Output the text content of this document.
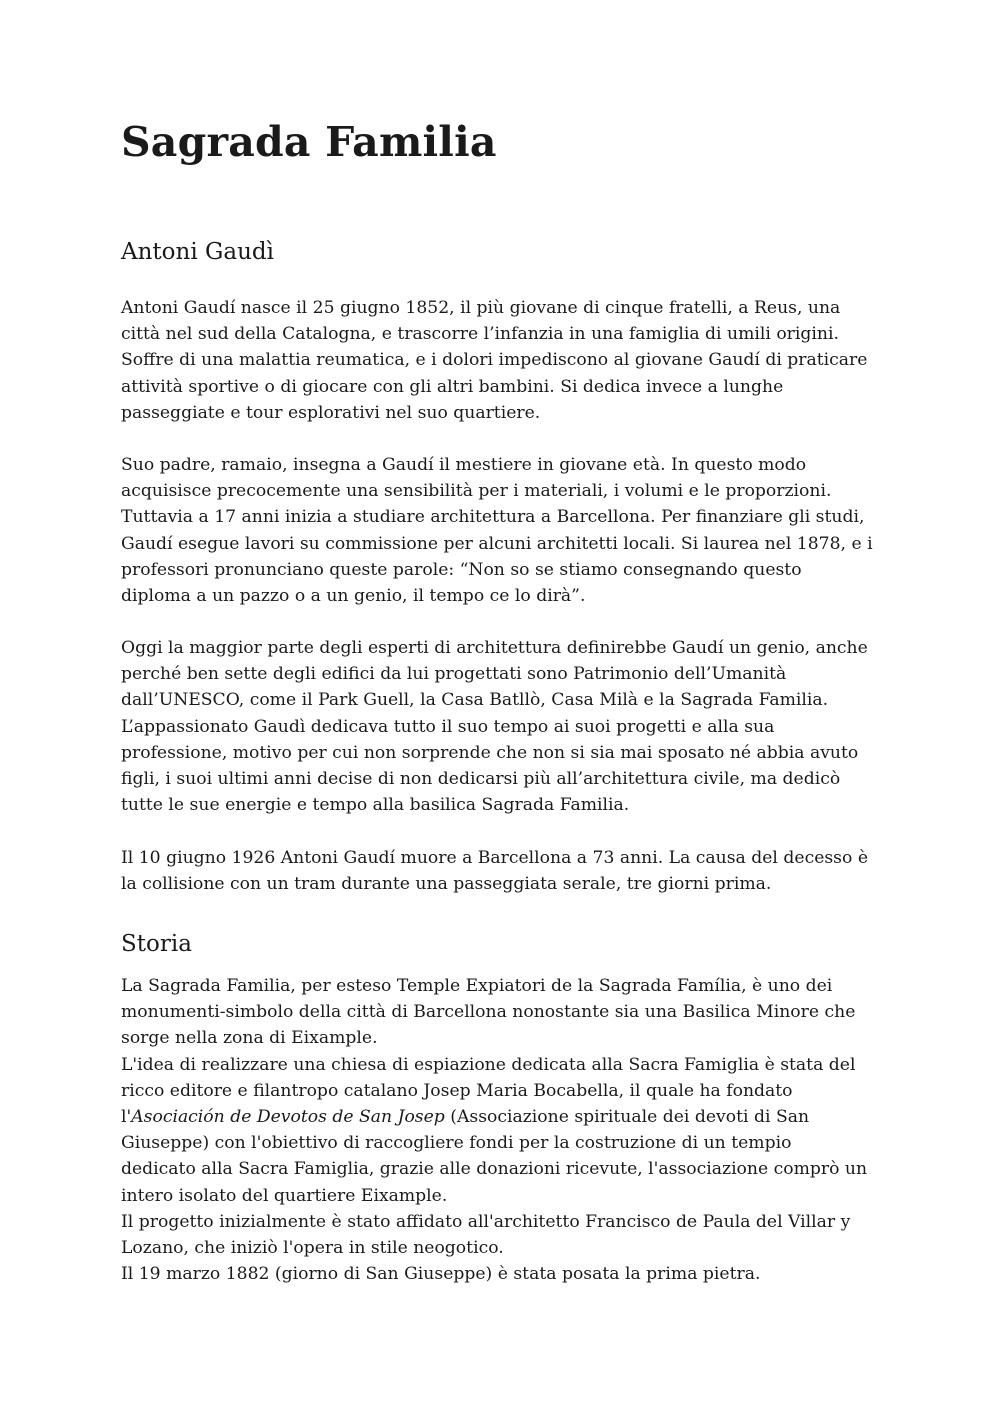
Sagrada Familia
Antoni Gaudì

Antoni Gaudí nasce il 25 giugno 1852, il più giovane di cinque fratelli, a Reus, una
città nel sud della Catalogna, e trascorre l’infanzia in una famiglia di umili origini.
Soffre di una malattia reumatica, e i dolori impediscono al giovane Gaudí di praticare
attività sportive o di giocare con gli altri bambini. Si dedica invece a lunghe
passeggiate e tour esplorativi nel suo quartiere.

Suo padre, ramaio, insegna a Gaudí il mestiere in giovane età. In questo modo
acquisisce precocemente una sensibilità per i materiali, i volumi e le proporzioni.
Tuttavia a 17 anni inizia a studiare architettura a Barcellona. Per finanziare gli studi,
Gaudí esegue lavori su commissione per alcuni architetti locali. Si laurea nel 1878, e i
professori pronunciano queste parole: “Non so se stiamo consegnando questo
diploma a un pazzo o a un genio, il tempo ce lo dirà”.

Oggi la maggior parte degli esperti di architettura definirebbe Gaudí un genio, anche
perché ben sette degli edifici da lui progettati sono Patrimonio dell’Umanità
dall’UNESCO, come il Park Guell, la Casa Batllò, Casa Milà e la Sagrada Familia.
L’appassionato Gaudì dedicava tutto il suo tempo ai suoi progetti e alla sua
professione, motivo per cui non sorprende che non si sia mai sposato né abbia avuto
figli, i suoi ultimi anni decise di non dedicarsi più all’architettura civile, ma dedicò
tutte le sue energie e tempo alla basilica Sagrada Familia.

Il 10 giugno 1926 Antoni Gaudí muore a Barcellona a 73 anni. La causa del decesso è
la collisione con un tram durante una passeggiata serale, tre giorni prima.

Storia

La Sagrada Familia, per esteso Temple Expiatori de la Sagrada Família, è uno dei
monumenti-simbolo della città di Barcellona nonostante sia una Basilica Minore che
sorge nella zona di Eixample.
L'idea di realizzare una chiesa di espiazione dedicata alla Sacra Famiglia è stata del
ricco editore e filantropo catalano Josep Maria Bocabella, il quale ha fondato
l'Asociación de Devotos de San Josep (Associazione spirituale dei devoti di San
Giuseppe) con l'obiettivo di raccogliere fondi per la costruzione di un tempio
dedicato alla Sacra Famiglia, grazie alle donazioni ricevute, l'associazione comprò un
intero isolato del quartiere Eixample.
Il progetto inizialmente è stato affidato all'architetto Francisco de Paula del Villar y
Lozano, che iniziò l'opera in stile neogotico.
Il 19 marzo 1882 (giorno di San Giuseppe) è stata posata la prima pietra.
